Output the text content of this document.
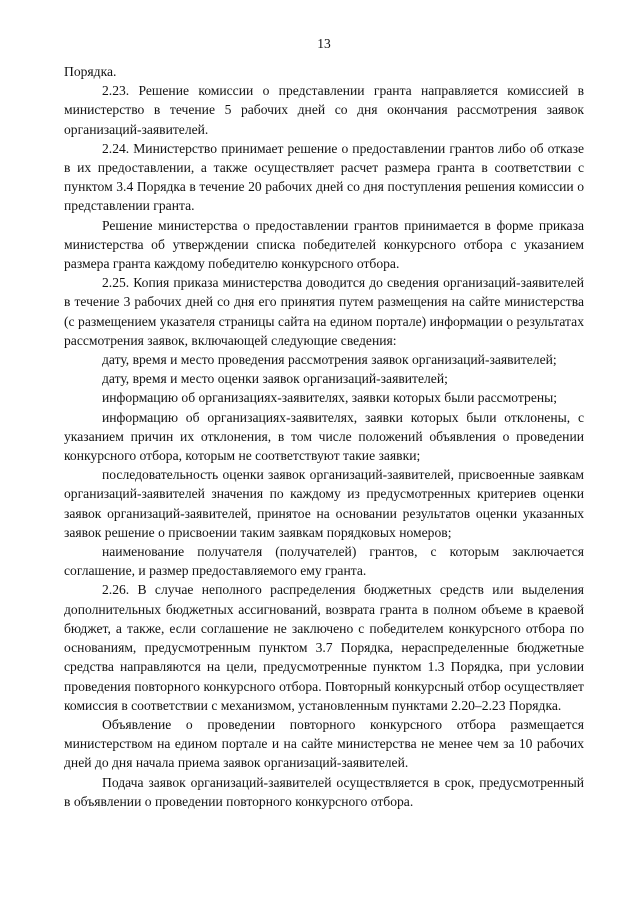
13

Порядка.

2.23. Решение комиссии о представлении гранта направляется комиссией в министерство в течение 5 рабочих дней со дня окончания рассмотрения заявок организаций-заявителей.

2.24. Министерство принимает решение о предоставлении грантов либо об отказе в их предоставлении, а также осуществляет расчет размера гранта в соответствии с пунктом 3.4 Порядка в течение 20 рабочих дней со дня поступления решения комиссии о представлении гранта.

Решение министерства о предоставлении грантов принимается в форме приказа министерства об утверждении списка победителей конкурсного отбора с указанием размера гранта каждому победителю конкурсного отбора.

2.25. Копия приказа министерства доводится до сведения организаций-заявителей в течение 3 рабочих дней со дня его принятия путем размещения на сайте министерства (с размещением указателя страницы сайта на едином портале) информации о результатах рассмотрения заявок, включающей следующие сведения:

дату, время и место проведения рассмотрения заявок организаций-заявителей;

дату, время и место оценки заявок организаций-заявителей;

информацию об организациях-заявителях, заявки которых были рассмотрены;

информацию об организациях-заявителях, заявки которых были отклонены, с указанием причин их отклонения, в том числе положений объявления о проведении конкурсного отбора, которым не соответствуют такие заявки;

последовательность оценки заявок организаций-заявителей, присвоенные заявкам организаций-заявителей значения по каждому из предусмотренных критериев оценки заявок организаций-заявителей, принятое на основании результатов оценки указанных заявок решение о присвоении таким заявкам порядковых номеров;

наименование получателя (получателей) грантов, с которым заключается соглашение, и размер предоставляемого ему гранта.

2.26. В случае неполного распределения бюджетных средств или выделения дополнительных бюджетных ассигнований, возврата гранта в полном объеме в краевой бюджет, а также, если соглашение не заключено с победителем конкурсного отбора по основаниям, предусмотренным пунктом 3.7 Порядка, нераспределенные бюджетные средства направляются на цели, предусмотренные пунктом 1.3 Порядка, при условии проведения повторного конкурсного отбора. Повторный конкурсный отбор осуществляет комиссия в соответствии с механизмом, установленным пунктами 2.20–2.23 Порядка.

Объявление о проведении повторного конкурсного отбора размещается министерством на едином портале и на сайте министерства не менее чем за 10 рабочих дней до дня начала приема заявок организаций-заявителей.

Подача заявок организаций-заявителей осуществляется в срок, предусмотренный в объявлении о проведении повторного конкурсного отбора.
